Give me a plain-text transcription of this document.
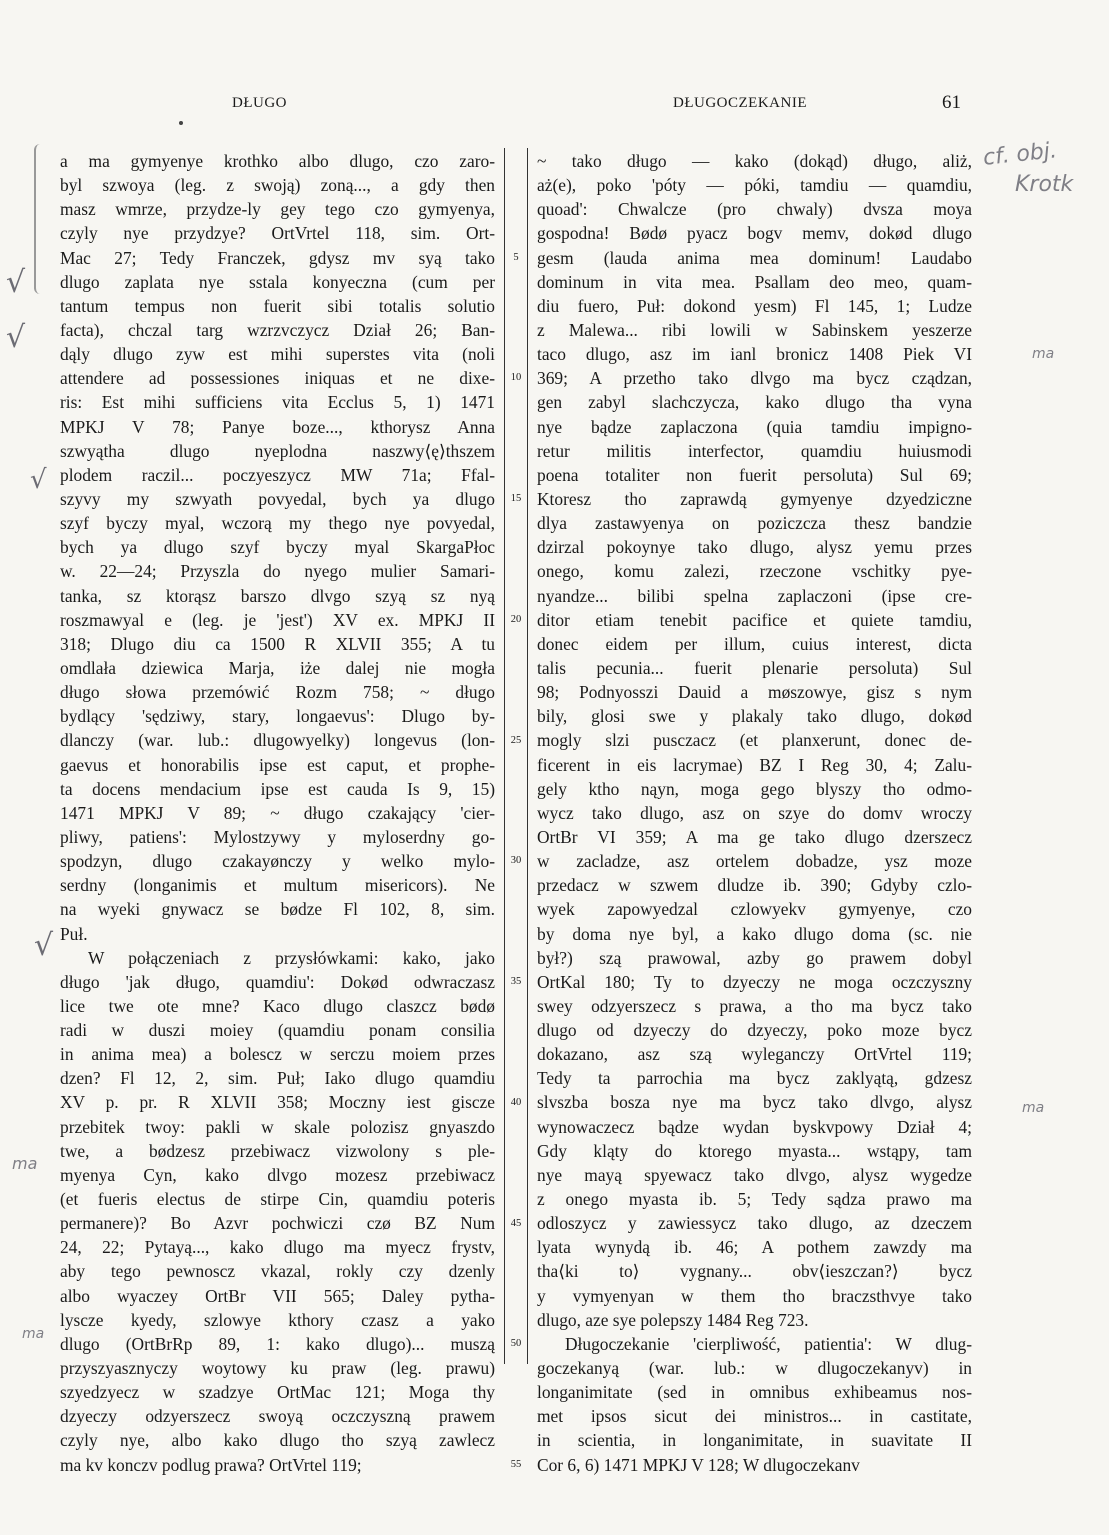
DŁUGO	DŁUGOCZEKANIE	61
a ma gymyenye krothko albo dlugo, czo zaro-
byl szwoya (leg. z swoją) zoną..., a gdy then
masz wmrze, przydze-ly gey tego czo gymyenya,
czyly nye przydzye? OrtVrtel 118, sim. Ort-
Mac 27; Tedy Franczek, gdysz mv syą tako
dlugo zaplata nye sstala konyeczna (cum per
tantum tempus non fuerit sibi totalis solutio
facta), chczal targ wzrzvczycz Dział 26; Ban-
dąly dlugo zyw est mihi superstes vita (noli
attendere ad possessiones iniquas et ne dixe-
ris: Est mihi sufficiens vita Ecclus 5, 1) 1471
MPKJ V 78; Panye boze..., kthorysz Anna
szwyątha dlugo nyeplodna naszwy⟨ę⟩thszem
plodem raczil... poczyeszycz MW 71a; Ffal-
szyvy my szwyath povyedal, bych ya dlugo
szyf byczy myal, wczorą my thego nye povyedal,
bych ya dlugo szyf byczy myal SkargaPłoc
w. 22—24; Przyszla do nyego mulier Samari-
tanka, sz ktorąsz barszo dlvgo szyą sz nyą
roszmawyal e (leg. je 'jest') XV ex. MPKJ II
318; Dlugo diu ca 1500 R XLVII 355; A tu
omdlała dziewica Marja, iże dalej nie mogła
długo słowa przemówić Rozm 758; ~ długo
bydlący 'sędziwy, stary, longaevus': Dlugo by-
dlanczy (war. lub.: dlugowyelky) longevus (lon-
gaevus et honorabilis ipse est caput, et prophe-
ta docens mendacium ipse est cauda Is 9, 15)
1471 MPKJ V 89; ~ długo czakający 'cier-
pliwy, patiens': Mylostzywy y myloserdny go-
spodzyn, dlugo czakayønczy y welko mylo-
serdny (longanimis et multum misericors). Ne
na wyeki gnywacz se bødze Fl 102, 8, sim.
Puł.
W połączeniach z przysłówkami: kako, jako
długo 'jak długo, quamdiu': Dokød odwraczasz
lice twe ote mne? Kaco dlugo claszcz bødø
radi w duszi moiey (quamdiu ponam consilia
in anima mea) a bolescz w serczu moiem przes
dzen? Fl 12, 2, sim. Puł; Iako dlugo quamdiu
XV p. pr. R XLVII 358; Moczny iest giscze
przebitek twoy: pakli w skale polozisz gnyaszdo
twe, a bødzesz przebiwacz vizwolony s ple-
myenya Cyn, kako dlvgo mozesz przebiwacz
(et fueris electus de stirpe Cin, quamdiu poteris
permanere)? Bo Azvr pochwiczi czø BZ Num
24, 22; Pytayą..., kako dlugo ma myecz frystv,
aby tego pewnoscz vkazal, rokly czy dzenly
albo wyaczey OrtBr VII 565; Daley pytha-
lyscze kyedy, szlowye kthory czasz a yako
dlugo (OrtBrRp 89, 1: kako dlugo)... muszą
przyszyasznyczy woytowy ku praw (leg. prawu)
szyedzyecz w szadzye OrtMac 121; Moga thy
dzyeczy odzyerszecz swoyą oczczyszną prawem
czyly nye, albo kako dlugo tho szyą zawlecz
ma kv konczv podlug prawa? OrtVrtel 119;
5
10
15
20
25
30
35
40
45
50
55
~ tako długo — kako (dokąd) długo, aliż,
aż(e), poko 'póty — póki, tamdiu — quamdiu,
quoad': Chwalcze (pro chwaly) dvsza moya
gospodna! Bødø pyacz bogv memv, dokød dlugo
gesm (lauda anima mea dominum! Laudabo
dominum in vita mea. Psallam deo meo, quam-
diu fuero, Puł: dokond yesm) Fl 145, 1; Ludze
z Malewa... ribi lowili w Sabinskem yeszerze
taco dlugo, asz im ianl bronicz 1408 Piek VI
369; A przetho tako dlvgo ma bycz cządzan,
gen zabyl slachczycza, kako dlugo tha vyna
nye bądze zaplaczona (quia tamdiu impigno-
retur militis interfector, quamdiu huiusmodi
poena totaliter non fuerit persoluta) Sul 69;
Ktoresz tho zaprawdą gymyenye dzyedziczne
dlya zastawyenya on poziczcza thesz bandzie
dzirzal pokoynye tako dlugo, alysz yemu przes
onego, komu zalezi, rzeczone vschitky pye-
nyandze... bilibi spelna zaplaczoni (ipse cre-
ditor etiam tenebit pacifice et quiete tamdiu,
donec eidem per illum, cuius interest, dicta
talis pecunia... fuerit plenarie persoluta) Sul
98; Podnyosszi Dauid a møszowye, gisz s nym
bily, glosi swe y plakaly tako dlugo, dokød
mogly slzi pusczacz (et planxerunt, donec de-
ficerent in eis lacrymae) BZ I Reg 30, 4; Zalu-
gely ktho nąyn, moga gego blyszy tho odmo-
wycz tako dlugo, asz on szye do domv wroczy
OrtBr VI 359; A ma ge tako dlugo dzerszecz
w zacladze, asz ortelem dobadze, ysz moze
przedacz w szwem dludze ib. 390; Gdyby czlo-
wyek zapowyedzal czlowyekv gymyenye, czo
by doma nye byl, a kako dlugo doma (sc. nie
był?) szą prawowal, azby go prawem dobyl
OrtKal 180; Ty to dzyeczy ne moga oczczyszny
swey odzyerszecz s prawa, a tho ma bycz tako
dlugo od dzyeczy do dzyeczy, poko moze bycz
dokazano, asz szą wyleganczy OrtVrtel 119;
Tedy ta parrochia ma bycz zaklyątą, gdzesz
slvszba bosza nye ma bycz tako dlvgo, alysz
wynowaczecz bądze wydan byskvpowy Dział 4;
Gdy kląty do ktorego myasta... wstąpy, tam
nye mayą spyewacz tako dlvgo, alysz wygedze
z onego myasta ib. 5; Tedy sądza prawo ma
odloszycz y zawiessycz tako dlugo, az dzeczem
lyata wynydą ib. 46; A pothem zawzdy ma
tha⟨ki to⟩ vygnany... obv⟨ieszczan?⟩ bycz
y vymyenyan w them tho braczsthvye tako
dlugo, aze sye polepszy 1484 Reg 723.
Długoczekanie 'cierpliwość, patientia': W dlug-
goczekanyą (war. lub.: w dlugoczekanyv) in
longanimitate (sed in omnibus exhibeamus nos-
met ipsos sicut dei ministros... in castitate,
in scientia, in longanimitate, in suavitate II
Cor 6, 6) 1471 MPKJ V 128; W dlugoczekanv
√
√
√
√
cf. obj.
Krotk
ma
ma
ma
ma
